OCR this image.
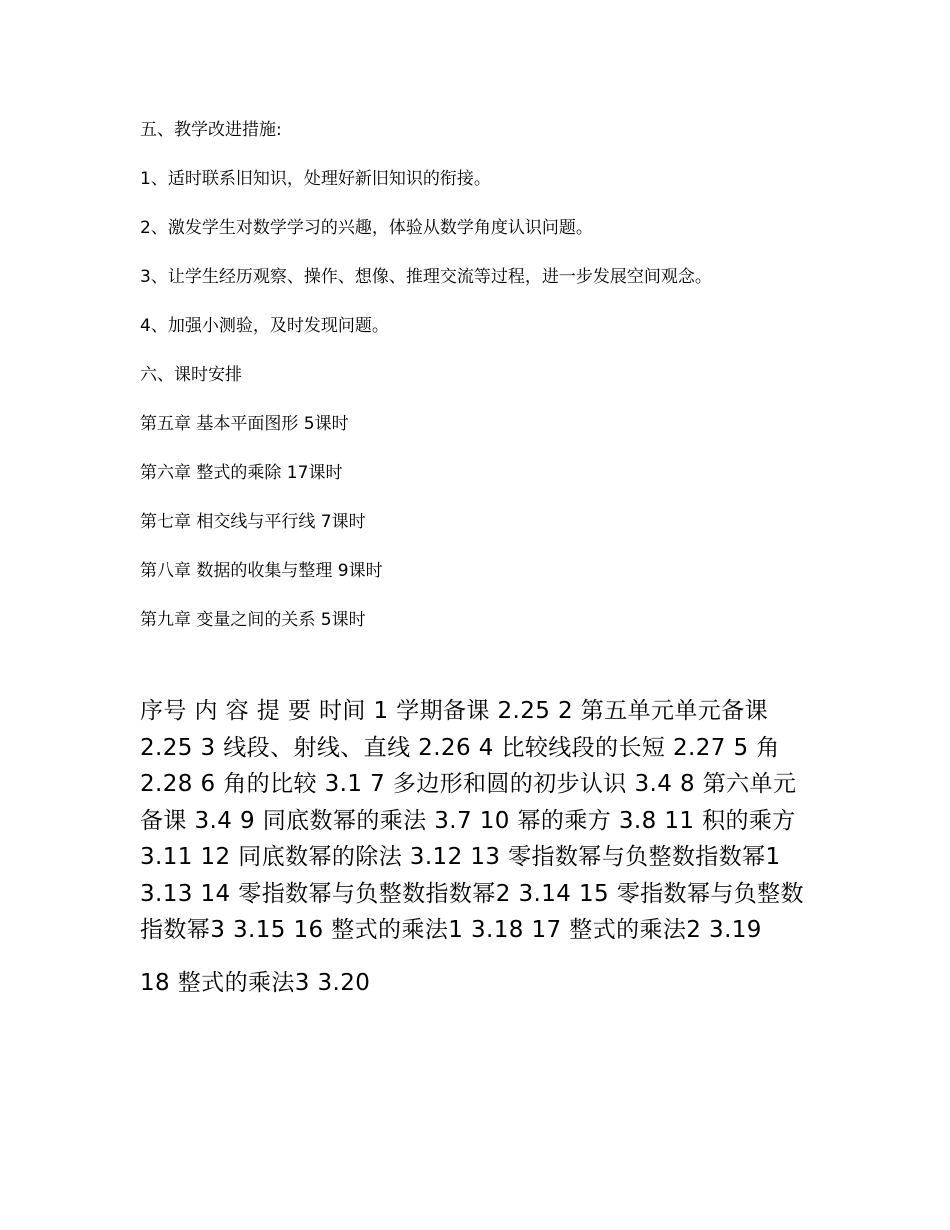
五、教学改进措施:

1、适时联系旧知识，处理好新旧知识的衔接。

2、激发学生对数学学习的兴趣，体验从数学角度认识问题。

3、让学生经历观察、操作、想像、推理交流等过程，进一步发展空间观念。

4、加强小测验，及时发现问题。

六、课时安排

第五章 基本平面图形 5课时

第六章 整式的乘除 17课时

第七章 相交线与平行线 7课时

第八章 数据的收集与整理 9课时

第九章 变量之间的关系 5课时

序号 内 容 提 要 时间 1 学期备课 2.25 2 第五单元单元备课 2.25 3 线段、射线、直线 2.26 4 比较线段的长短 2.27 5 角 2.28 6 角的比较 3.1 7 多边形和圆的初步认识 3.4 8 第六单元备课 3.4 9 同底数幂的乘法 3.7 10 幂的乘方 3.8 11 积的乘方 3.11 12 同底数幂的除法 3.12 13 零指数幂与负整数指数幂1 3.13 14 零指数幂与负整数指数幂2 3.14 15 零指数幂与负整数指数幂3 3.15 16 整式的乘法1 3.18 17 整式的乘法2 3.19

18 整式的乘法3 3.20
